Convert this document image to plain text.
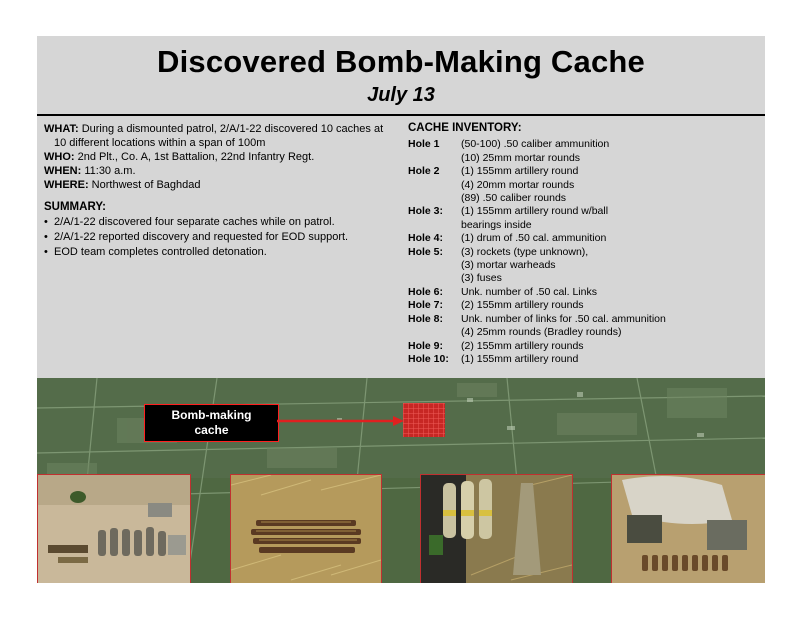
Discovered Bomb-Making Cache
July 13

WHAT: During a dismounted patrol, 2/A/1-22 discovered 10 caches at 10 different locations within a span of 100m

WHO: 2nd Plt., Co. A, 1st Battalion, 22nd Infantry Regt.

WHEN: 11:30 a.m.

WHERE: Northwest of Baghdad

SUMMARY:

• 2/A/1-22 discovered four separate caches while on patrol.
• 2/A/1-22 reported discovery and requested for EOD support.
• EOD team completes controlled detonation.
CACHE INVENTORY:
Hole 1	(50-100) .50 caliber ammunition
(10) 25mm mortar rounds
Hole 2	(1) 155mm artillery round
(4) 20mm mortar rounds
(89) .50 caliber rounds
Hole 3:	(1) 155mm artillery round w/ball
bearings inside
Hole 4:	(1) drum of .50 cal. ammunition
Hole 5:	(3) rockets (type unknown),
(3) mortar warheads
(3) fuses
Hole 6:	Unk. number of .50 cal. Links
Hole 7:	(2) 155mm artillery rounds
Hole 8:	Unk. number of links for .50 cal. ammunition
(4) 25mm rounds (Bradley rounds)
Hole 9:	(2) 155mm artillery rounds
Hole 10:	(1) 155mm artillery round
Bomb-making
cache
